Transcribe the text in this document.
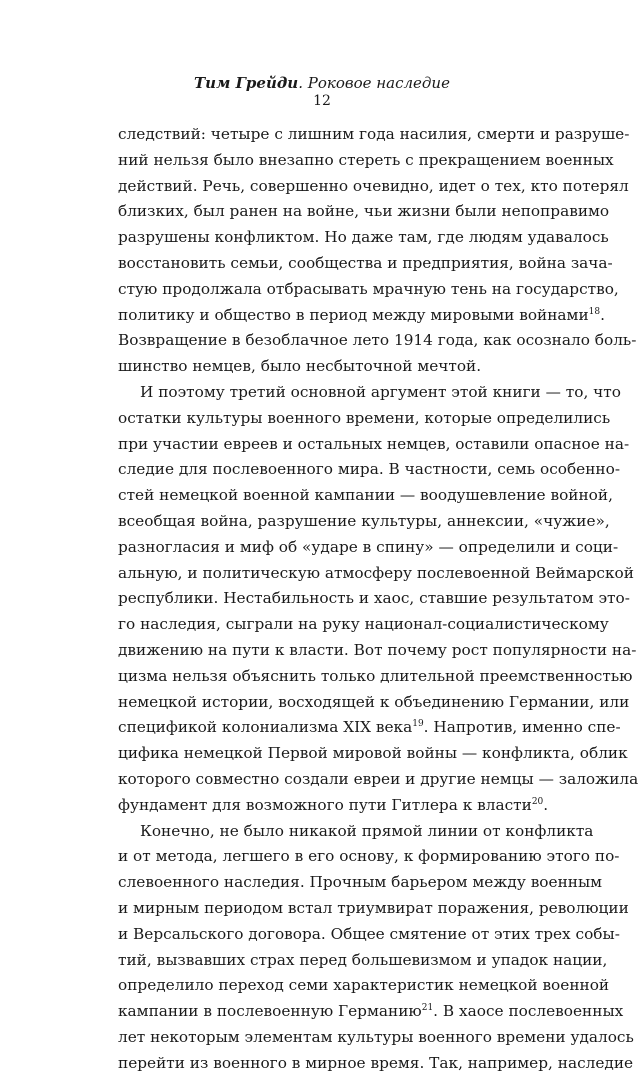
Тим Грейди. Роковое наследие
12
следствий: четыре с лишним года насилия, смерти и разруше-
ний нельзя было внезапно стереть с прекращением военных
действий. Речь, совершенно очевидно, идет о тех, кто потерял
близких, был ранен на войне, чьи жизни были непоправимо
разрушены конфликтом. Но даже там, где людям удавалось
восстановить семьи, сообщества и предприятия, война зача-
стую продолжала отбрасывать мрачную тень на государство,
политику и общество в период между мировыми войнами$^{18}$.
Возвращение в безоблачное лето 1914 года, как осознало боль-
шинство немцев, было несбыточной мечтой.
И поэтому третий основной аргумент этой книги — то, что
остатки культуры военного времени, которые определились
при участии евреев и остальных немцев, оставили опасное на-
следие для послевоенного мира. В частности, семь особеннo-
стей немецкой военной кампании — воодушевление войной,
всеобщая война, разрушение культуры, аннексии, «чужие»,
разногласия и миф об «ударе в спину» — определили и соци-
альную, и политическую атмосферу послевоенной Веймарской
республики. Нестабильность и хаос, ставшие результатом это-
го наследия, сыграли на руку национал-социалистическому
движению на пути к власти. Вот почему рост популярности на-
цизма нельзя объяснить только длительной преемственностью
немецкой истории, восходящей к объединению Германии, или
спецификой колониализма XIX века$^{19}$. Напротив, именно спе-
цифика немецкой Первой мировой войны — конфликта, облик
которого совместно создали евреи и другие немцы — заложила
фундамент для возможного пути Гитлера к власти$^{20}$.
Конечно, не было никакой прямой линии от конфликта
и от метода, легшего в его основу, к формированию этого по-
слевоенного наследия. Прочным барьером между военным
и мирным периодом встал триумвират поражения, революции
и Версальского договора. Общее смятение от этих трех собы-
тий, вызвавших страх перед большевизмом и упадок нации,
определило переход семи характеристик немецкой военной
кампании в послевоенную Германию$^{21}$. В хаосе послевоенных
лет некоторым элементам культуры военного времени удалось
перейти из военного в мирное время. Так, например, наследие
